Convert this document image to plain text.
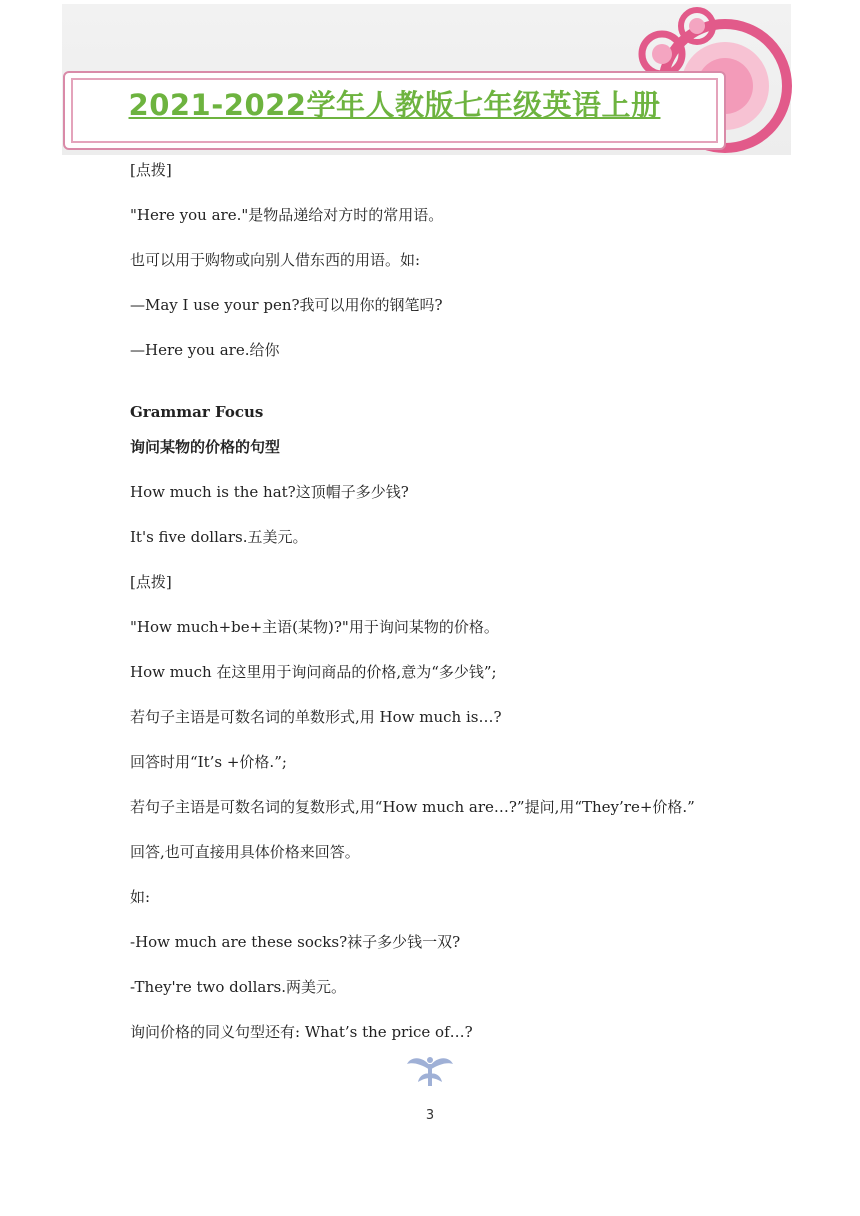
2021-2022学年人教版七年级英语上册
[点拨]
"Here you are."是物品递给对方时的常用语。
也可以用于购物或向别人借东西的用语。如:
—May I use your pen?我可以用你的钢笔吗?
—Here you are.给你
Grammar Focus
询问某物的价格的句型
How much is the hat?这顶帽子多少钱?
It's five dollars.五美元。
[点拨]
"How much+be+主语(某物)?"用于询问某物的价格。
How much 在这里用于询问商品的价格,意为“多少钱”;
若句子主语是可数名词的单数形式,用 How much is…?
回答时用“It’s +价格.”;
若句子主语是可数名词的复数形式,用“How much are…?”提问,用“They’re+价格.”
回答,也可直接用具体价格来回答。
如:
-How much are these socks?袜子多少钱一双?
-They're two dollars.两美元。
询问价格的同义句型还有: What’s the price of…?
3
